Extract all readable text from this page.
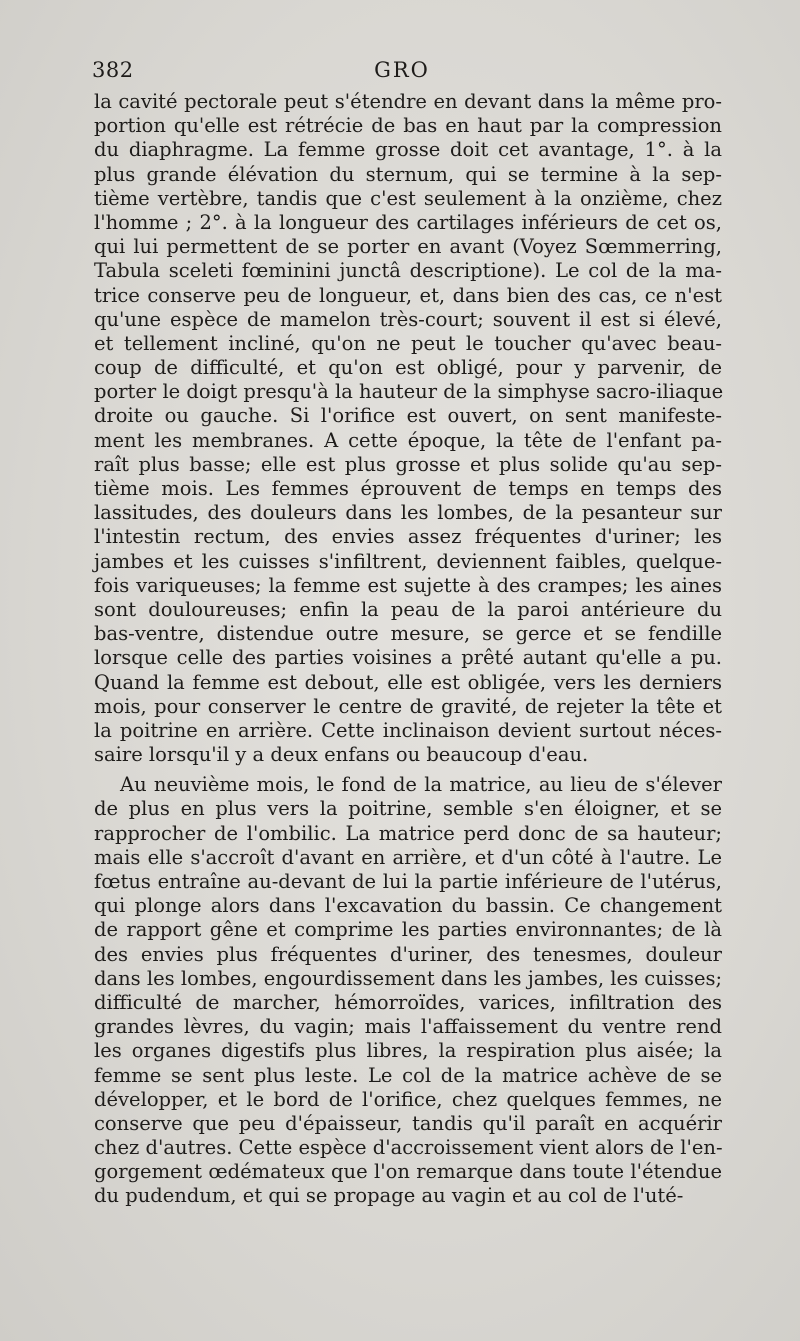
382	GRO
la cavité pectorale peut s'étendre en devant dans la même pro-
portion qu'elle est rétrécie de bas en haut par la compression
du diaphragme. La femme grosse doit cet avantage, 1°. à la
plus grande élévation du sternum, qui se termine à la sep-
tième vertèbre, tandis que c'est seulement à la onzième, chez
l'homme ; 2°. à la longueur des cartilages inférieurs de cet os,
qui lui permettent de se porter en avant (Voyez Sœmmerring,
Tabula sceleti fœminini junctâ descriptione). Le col de la ma-
trice conserve peu de longueur, et, dans bien des cas, ce n'est
qu'une espèce de mamelon très-court; souvent il est si élevé,
et tellement incliné, qu'on ne peut le toucher qu'avec beau-
coup de difficulté, et qu'on est obligé, pour y parvenir, de
porter le doigt presqu'à la hauteur de la simphyse sacro-iliaque
droite ou gauche. Si l'orifice est ouvert, on sent manifeste-
ment les membranes. A cette époque, la tête de l'enfant pa-
raît plus basse; elle est plus grosse et plus solide qu'au sep-
tième mois. Les femmes éprouvent de temps en temps des
lassitudes, des douleurs dans les lombes, de la pesanteur sur
l'intestin rectum, des envies assez fréquentes d'uriner; les
jambes et les cuisses s'infiltrent, deviennent faibles, quelque-
fois variqueuses; la femme est sujette à des crampes; les aines
sont douloureuses; enfin la peau de la paroi antérieure du
bas-ventre, distendue outre mesure, se gerce et se fendille
lorsque celle des parties voisines a prêté autant qu'elle a pu.
Quand la femme est debout, elle est obligée, vers les derniers
mois, pour conserver le centre de gravité, de rejeter la tête et
la poitrine en arrière. Cette inclinaison devient surtout néces-
saire lorsqu'il y a deux enfans ou beaucoup d'eau.
Au neuvième mois, le fond de la matrice, au lieu de s'élever
de plus en plus vers la poitrine, semble s'en éloigner, et se
rapprocher de l'ombilic. La matrice perd donc de sa hauteur;
mais elle s'accroît d'avant en arrière, et d'un côté à l'autre. Le
fœtus entraîne au-devant de lui la partie inférieure de l'utérus,
qui plonge alors dans l'excavation du bassin. Ce changement
de rapport gêne et comprime les parties environnantes; de là
des envies plus fréquentes d'uriner, des tenesmes, douleur
dans les lombes, engourdissement dans les jambes, les cuisses;
difficulté de marcher, hémorroïdes, varices, infiltration des
grandes lèvres, du vagin; mais l'affaissement du ventre rend
les organes digestifs plus libres, la respiration plus aisée; la
femme se sent plus leste. Le col de la matrice achève de se
développer, et le bord de l'orifice, chez quelques femmes, ne
conserve que peu d'épaisseur, tandis qu'il paraît en acquérir
chez d'autres. Cette espèce d'accroissement vient alors de l'en-
gorgement œdémateux que l'on remarque dans toute l'étendue
du pudendum, et qui se propage au vagin et au col de l'uté-
